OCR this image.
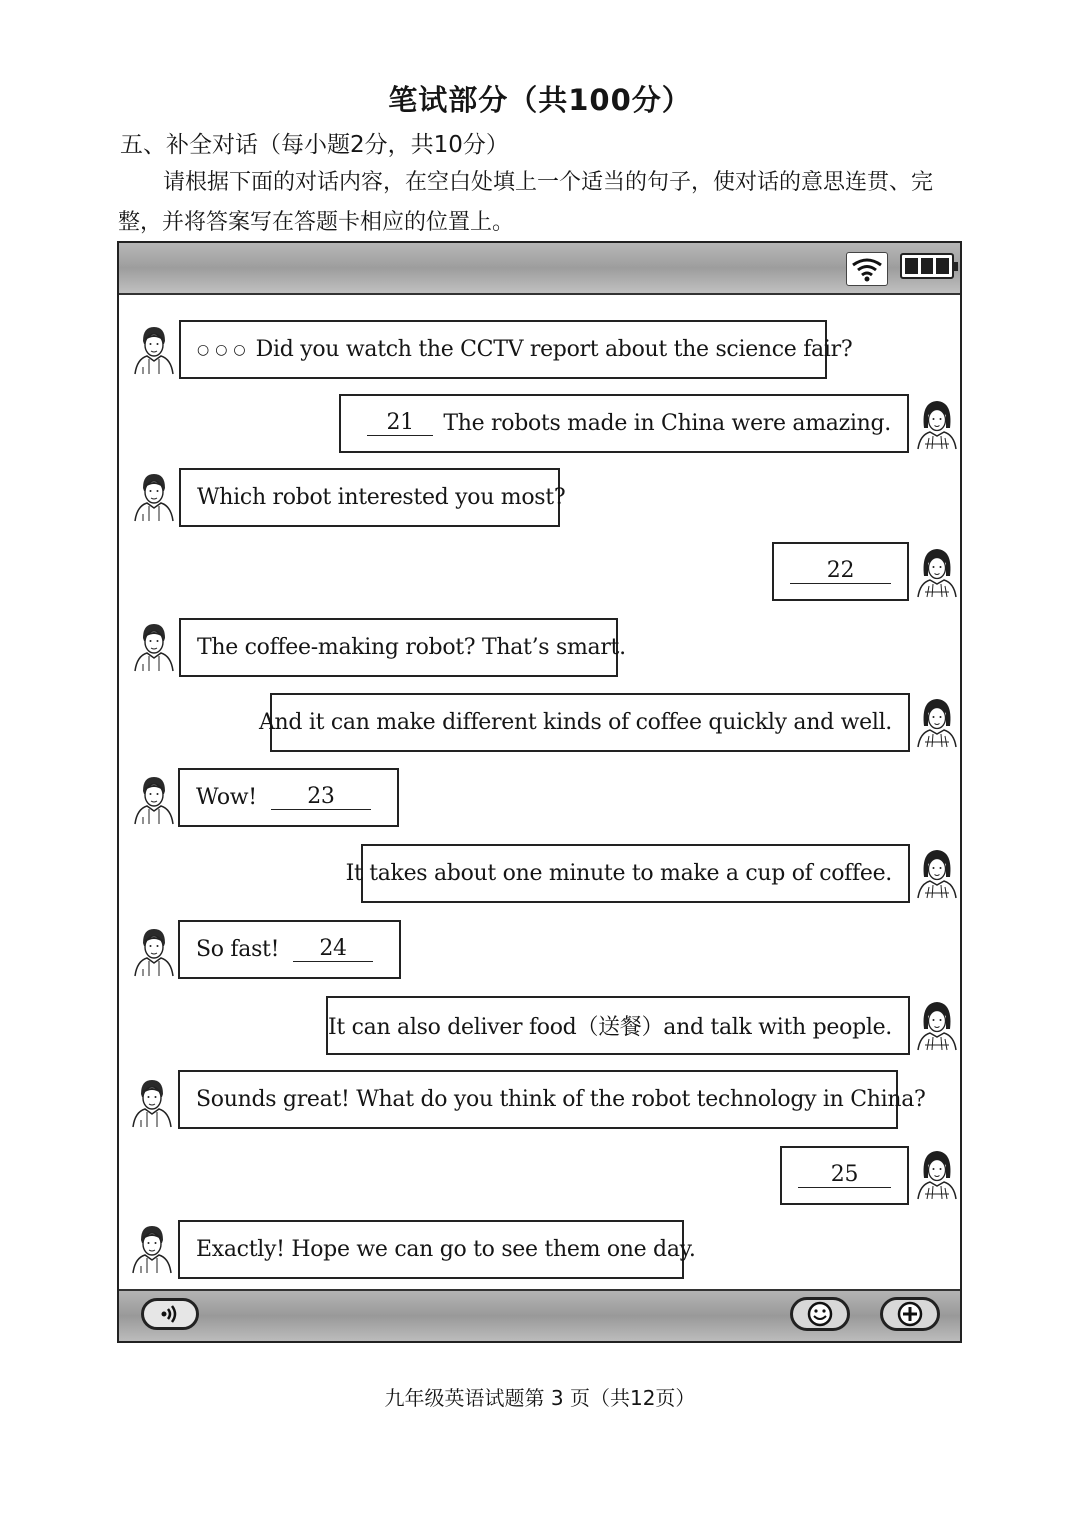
笔试部分（共100分）
五、补全对话（每小题2分，共10分）
请根据下面的对话内容，在空白处填上一个适当的句子，使对话的意思连贯、完整，并将答案写在答题卡相应的位置上。
○○○ Did you watch the CCTV report about the science fair?
21	The robots made in China were amazing.
Which robot interested you most?
22
The coffee-making robot? That’s smart.
And it can make different kinds of coffee quickly and well.
Wow!	23
It takes about one minute to make a cup of coffee.
So fast!	24
It can also deliver food（送餐）and talk with people.
Sounds great! What do you think of the robot technology in China?
25
Exactly! Hope we can go to see them one day.
九年级英语试题第 3 页（共12页）
